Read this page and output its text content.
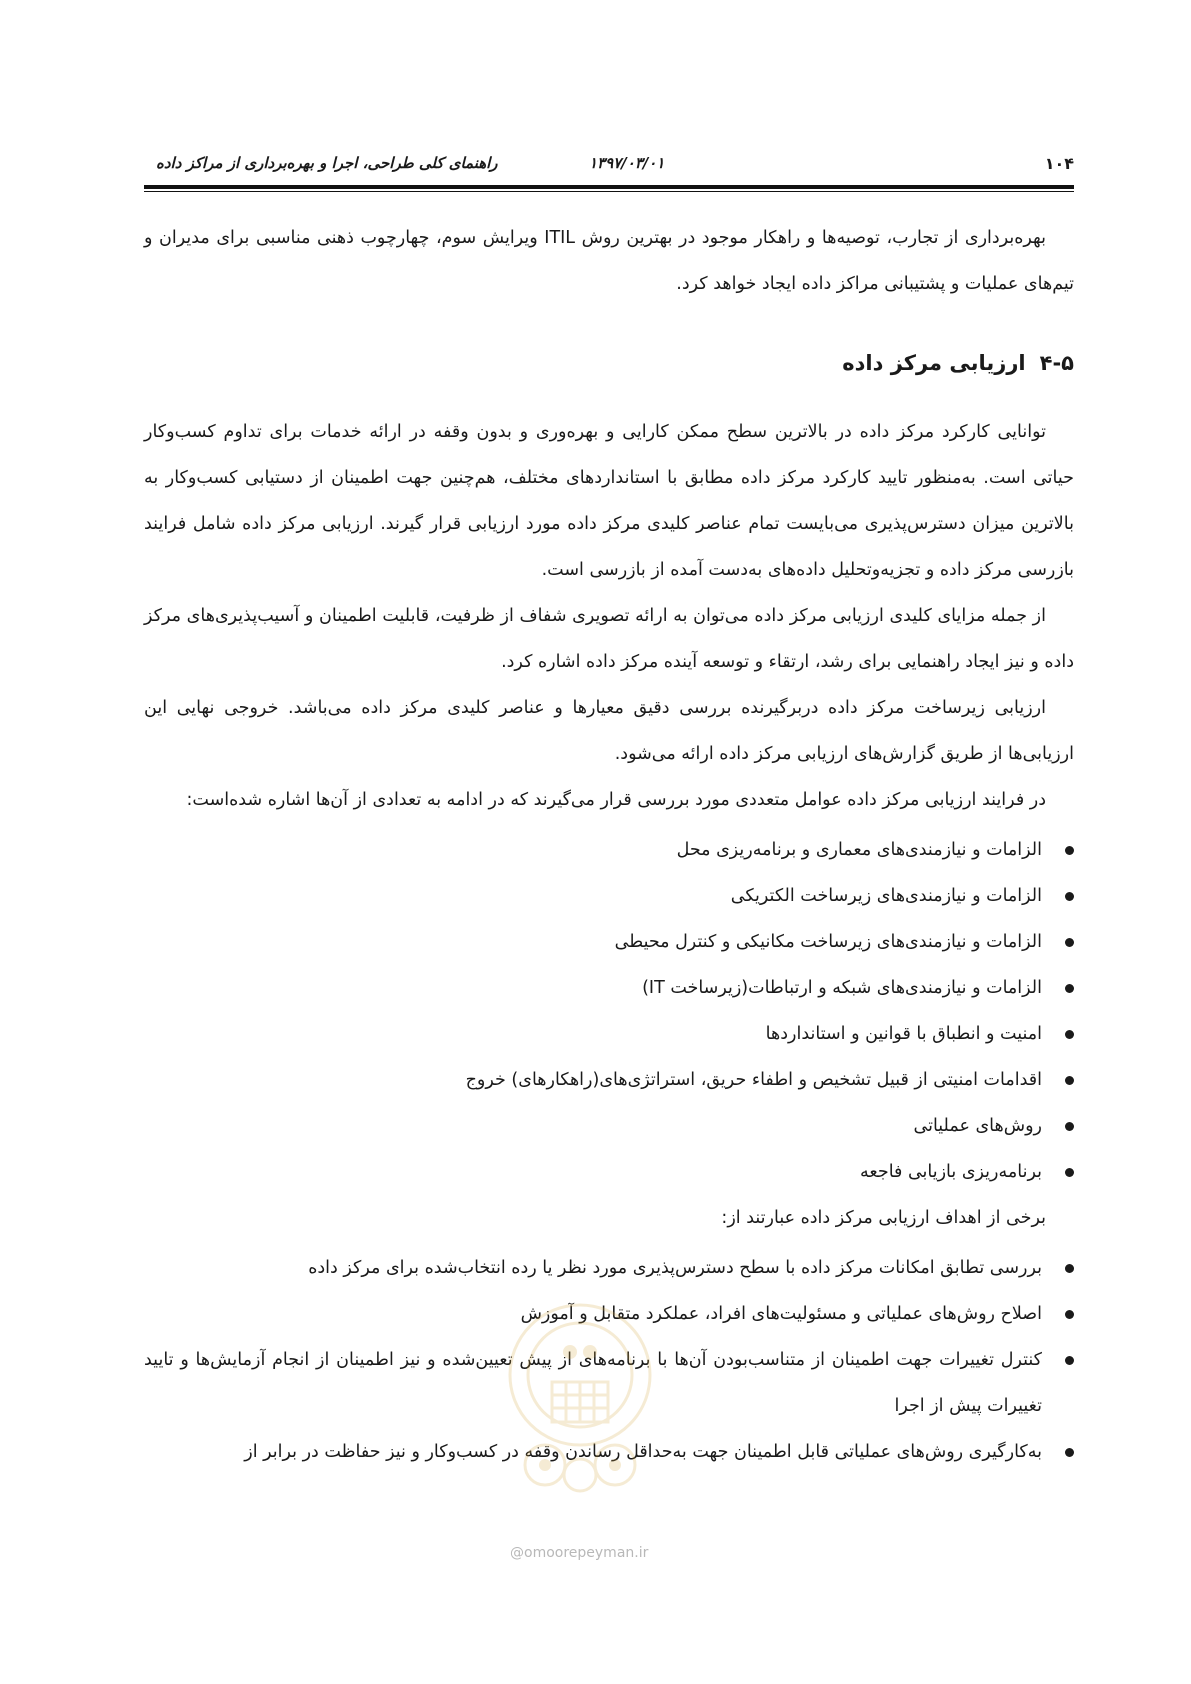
۱۰۴
۱۳۹۷/۰۳/۰۱
راهنمای کلی طراحی، اجرا و بهره‌برداری از مراکز داده

بهره‌برداری از تجارب، توصیه‌ها و راهکار موجود در بهترین روش ITIL ویرایش سوم، چهارچوب ذهنی مناسبی برای مدیران و تیم‌های عملیات و پشتیبانی مراکز داده ایجاد خواهد کرد.

۴-۵ارزیابی مرکز داده

توانایی کارکرد مرکز داده در بالاترین سطح ممکن کارایی و بهره‌وری و بدون وقفه در ارائه خدمات برای تداوم کسب‌وکار حیاتی است. به‌منظور تایید کارکرد مرکز داده مطابق با استانداردهای مختلف، هم‌چنین جهت اطمینان از دستیابی کسب‌وکار به بالاترین میزان دسترس‌پذیری می‌بایست تمام عناصر کلیدی مرکز داده مورد ارزیابی قرار گیرند. ارزیابی مرکز داده شامل فرایند بازرسی مرکز داده و تجزیه‌وتحلیل داده‌های به‌دست آمده از بازرسی است.

از جمله مزایای کلیدی ارزیابی مرکز داده می‌توان به ارائه تصویری شفاف از ظرفیت، قابلیت اطمینان و آسیب‌پذیری‌های مرکز داده و نیز ایجاد راهنمایی برای رشد، ارتقاء و توسعه آینده مرکز داده اشاره کرد.

ارزیابی زیرساخت مرکز داده دربرگیرنده بررسی دقیق معیارها و عناصر کلیدی مرکز داده می‌باشد. خروجی نهایی این ارزیابی‌ها از طریق گزارش‌های ارزیابی مرکز داده ارائه می‌شود.

در فرایند ارزیابی مرکز داده عوامل متعددی مورد بررسی قرار می‌گیرند که در ادامه به تعدادی از آن‌ها اشاره شده‌است:

الزامات و نیازمندی‌های معماری و برنامه‌ریزی محل
الزامات و نیازمندی‌های زیرساخت الکتریکی
الزامات و نیازمندی‌های زیرساخت مکانیکی و کنترل محیطی
الزامات و نیازمندی‌های شبکه و ارتباطات(زیرساخت IT)
امنیت و انطباق با قوانین و استانداردها
اقدامات امنیتی از قبیل تشخیص و اطفاء حریق، استراتژی‌های(راهکارهای) خروج
روش‌های عملیاتی
برنامه‌ریزی بازیابی فاجعه

برخی از اهداف ارزیابی مرکز داده عبارتند از:

بررسی تطابق امکانات مرکز داده با سطح دسترس‌پذیری مورد نظر یا رده انتخاب‌شده برای مرکز داده
اصلاح روش‌های عملیاتی و مسئولیت‌های افراد، عملکرد متقابل و آموزش
کنترل تغییرات جهت اطمینان از متناسب‌بودن آن‌ها با برنامه‌های از پیش تعیین‌شده و نیز اطمینان از انجام آزمایش‌ها و تایید تغییرات پیش از اجرا
به‌کارگیری روش‌های عملیاتی قابل اطمینان جهت به‌حداقل رساندن وقفه در کسب‌وکار و نیز حفاظت در برابر از
@omoorepeyman.ir
